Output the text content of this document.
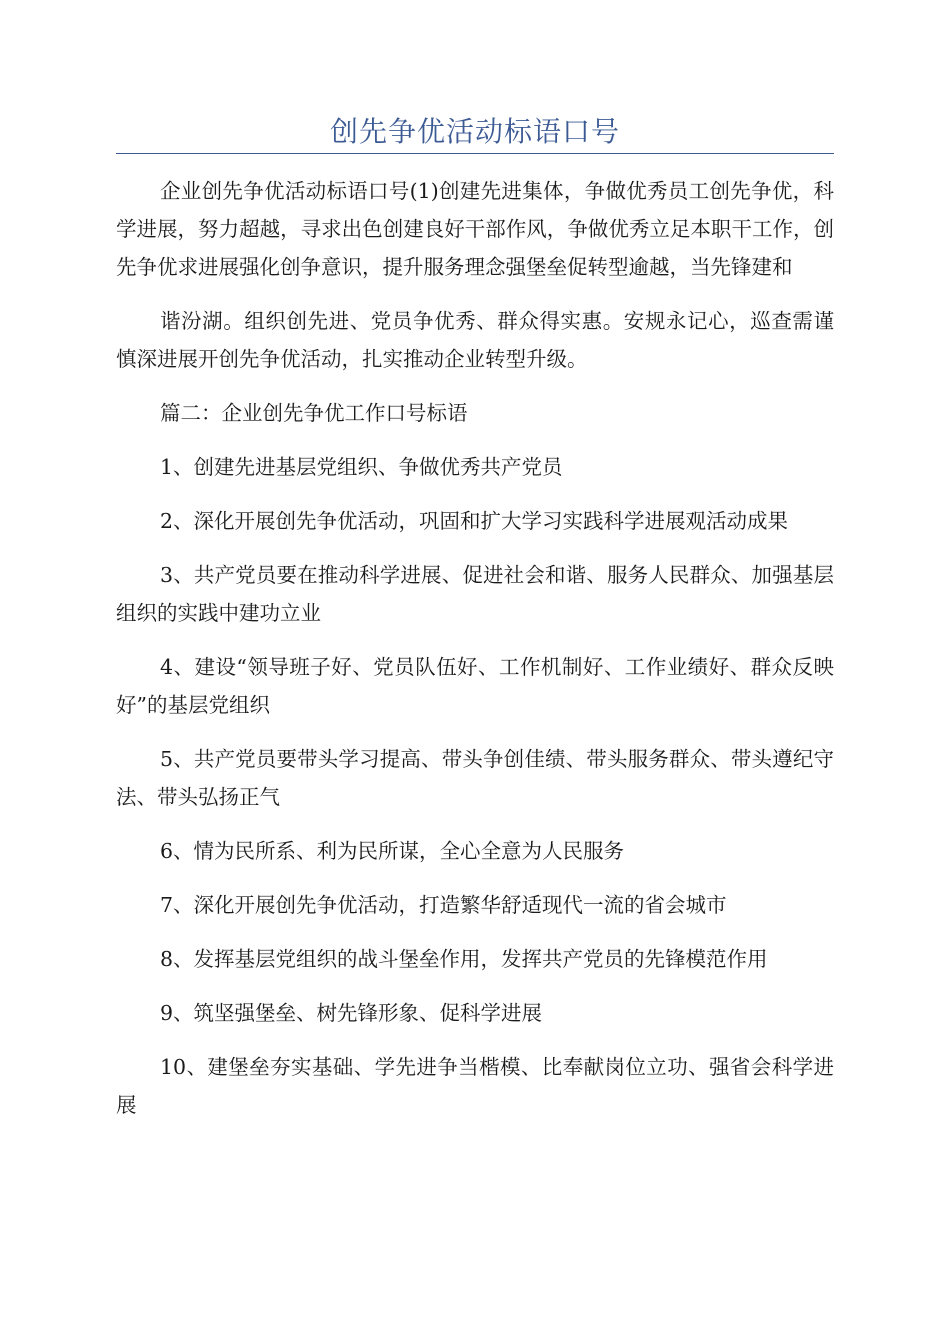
创先争优活动标语口号

企业创先争优活动标语口号(1)创建先进集体，争做优秀员工创先争优，科学进展，努力超越，寻求出色创建良好干部作风，争做优秀立足本职干工作，创先争优求进展强化创争意识，提升服务理念强堡垒促转型逾越，当先锋建和

谐汾湖。组织创先进、党员争优秀、群众得实惠。安规永记心，巡查需谨慎深进展开创先争优活动，扎实推动企业转型升级。

篇二：企业创先争优工作口号标语

1、创建先进基层党组织、争做优秀共产党员

2、深化开展创先争优活动，巩固和扩大学习实践科学进展观活动成果

3、共产党员要在推动科学进展、促进社会和谐、服务人民群众、加强基层组织的实践中建功立业

4、建设“领导班子好、党员队伍好、工作机制好、工作业绩好、群众反映好”的基层党组织

5、共产党员要带头学习提高、带头争创佳绩、带头服务群众、带头遵纪守法、带头弘扬正气

6、情为民所系、利为民所谋，全心全意为人民服务

7、深化开展创先争优活动，打造繁华舒适现代一流的省会城市

8、发挥基层党组织的战斗堡垒作用，发挥共产党员的先锋模范作用

9、筑坚强堡垒、树先锋形象、促科学进展

10、建堡垒夯实基础、学先进争当楷模、比奉献岗位立功、强省会科学进展
